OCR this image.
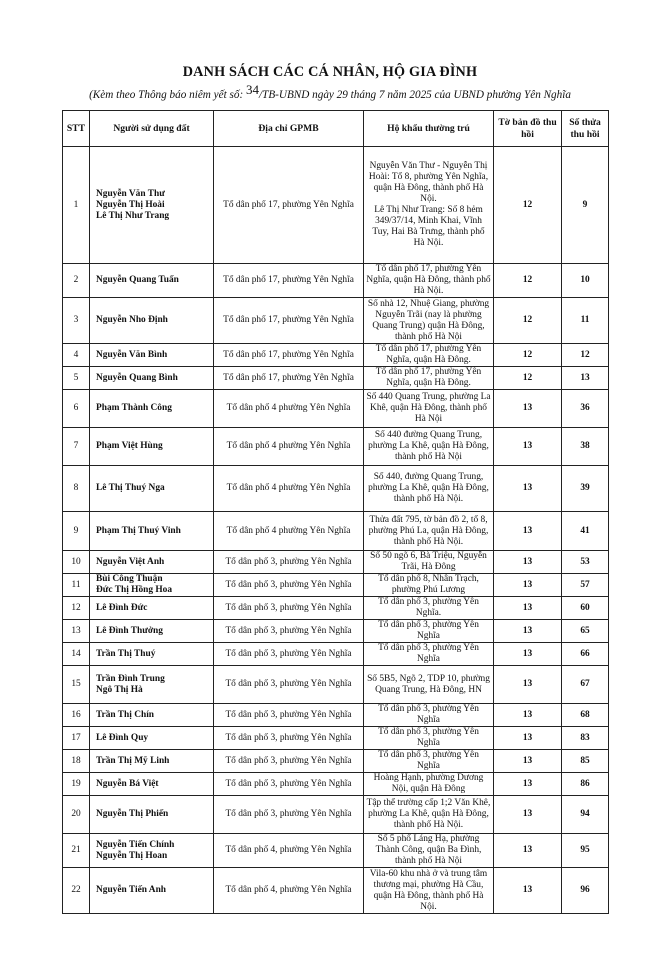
DANH SÁCH CÁC CÁ NHÂN, HỘ GIA ĐÌNH
(Kèm theo Thông báo niêm yết số: 34/TB-UBND ngày 29 tháng 7 năm 2025 của UBND phường Yên Nghĩa
STT	Người sử dụng đất	Địa chỉ GPMB	Hộ khẩu thường trú	Tờ bản đồ thu hồi	Số thửa thu hồi
1	Nguyễn Văn Thư
Nguyễn Thị Hoài
Lê Thị Như Trang	Tổ dân phố 17, phường Yên Nghĩa	Nguyễn Văn Thư - Nguyễn Thị Hoài: Tổ 8, phường Yên Nghĩa, quận Hà Đông, thành phố Hà Nội.
Lê Thị Như Trang: Số 8 hẻm 349/37/14, Minh Khai, Vĩnh Tuy, Hai Bà Trưng, thành phố Hà Nội.	12	9
2	Nguyễn Quang Tuấn	Tổ dân phố 17, phường Yên Nghĩa	Tổ dân phố 17, phường Yên Nghĩa, quận Hà Đông, thành phố Hà Nội.	12	10
3	Nguyễn Nho Định	Tổ dân phố 17, phường Yên Nghĩa	Số nhà 12, Nhuệ Giang, phường Nguyễn Trãi (nay là phường Quang Trung) quận Hà Đông, thành phố Hà Nội	12	11
4	Nguyễn Văn Bình	Tổ dân phố 17, phường Yên Nghĩa	Tổ dân phố 17, phường Yên Nghĩa, quận Hà Đông.	12	12
5	Nguyễn Quang Bình	Tổ dân phố 17, phường Yên Nghĩa	Tổ dân phố 17, phường Yên Nghĩa, quận Hà Đông.	12	13
6	Phạm Thành Công	Tổ dân phố 4 phường Yên Nghĩa	Số 440 Quang Trung, phường La Khê, quận Hà Đông, thành phố Hà Nội	13	36
7	Phạm Việt Hùng	Tổ dân phố 4 phường Yên Nghĩa	Số 440 đường Quang Trung, phường La Khê, quận Hà Đông, thành phố Hà Nội	13	38
8	Lê Thị Thuý Nga	Tổ dân phố 4 phường Yên Nghĩa	Số 440, đường Quang Trung, phường La Khê, quận Hà Đông, thành phố Hà Nội.	13	39
9	Phạm Thị Thuý Vinh	Tổ dân phố 4 phường Yên Nghĩa	Thửa đất 795, tờ bản đồ 2, tổ 8, phường Phú La, quận Hà Đông, thành phố Hà Nội.	13	41
10	Nguyễn Việt Anh	Tổ dân phố 3, phường Yên Nghĩa	Số 50 ngõ 6, Bà Triệu, Nguyễn Trãi, Hà Đông	13	53
11	Bùi Công Thuận
Đức Thị Hồng Hoa	Tổ dân phố 3, phường Yên Nghĩa	Tổ dân phố 8, Nhân Trạch, phường Phú Lương	13	57
12	Lê Đình Đức	Tổ dân phố 3, phường Yên Nghĩa	Tổ dân phố 3, phường Yên Nghĩa.	13	60
13	Lê Đình Thưởng	Tổ dân phố 3, phường Yên Nghĩa	Tổ dân phố 3, phường Yên Nghĩa	13	65
14	Trần Thị Thuý	Tổ dân phố 3, phường Yên Nghĩa	Tổ dân phố 3, phường Yên Nghĩa	13	66
15	Trần Đình Trung
Ngô Thị Hà	Tổ dân phố 3, phường Yên Nghĩa	Số 5B5, Ngõ 2, TDP 10, phường Quang Trung, Hà Đông, HN	13	67
16	Trần Thị Chín	Tổ dân phố 3, phường Yên Nghĩa	Tổ dân phố 3, phường Yên Nghĩa	13	68
17	Lê Đình Quy	Tổ dân phố 3, phường Yên Nghĩa	Tổ dân phố 3, phường Yên Nghĩa	13	83
18	Trần Thị Mỹ Linh	Tổ dân phố 3, phường Yên Nghĩa	Tổ dân phố 3, phường Yên Nghĩa	13	85
19	Nguyễn Bá Việt	Tổ dân phố 3, phường Yên Nghĩa	Hoàng Hạnh, phường Dương Nội, quận Hà Đông	13	86
20	Nguyễn Thị Phiến	Tổ dân phố 3, phường Yên Nghĩa	Tập thể trường cấp 1;2 Văn Khê, phường La Khê, quận Hà Đông, thành phố Hà Nội.	13	94
21	Nguyễn Tiến Chính
Nguyễn Thị Hoan	Tổ dân phố 4, phường Yên Nghĩa	Số 5 phố Láng Hạ, phường Thành Công, quận Ba Đình, thành phố Hà Nội	13	95
22	Nguyễn Tiến Anh	Tổ dân phố 4, phường Yên Nghĩa	Vila-60 khu nhà ở và trung tâm thương mại, phường Hà Cầu, quận Hà Đông, thành phố Hà Nội.	13	96
